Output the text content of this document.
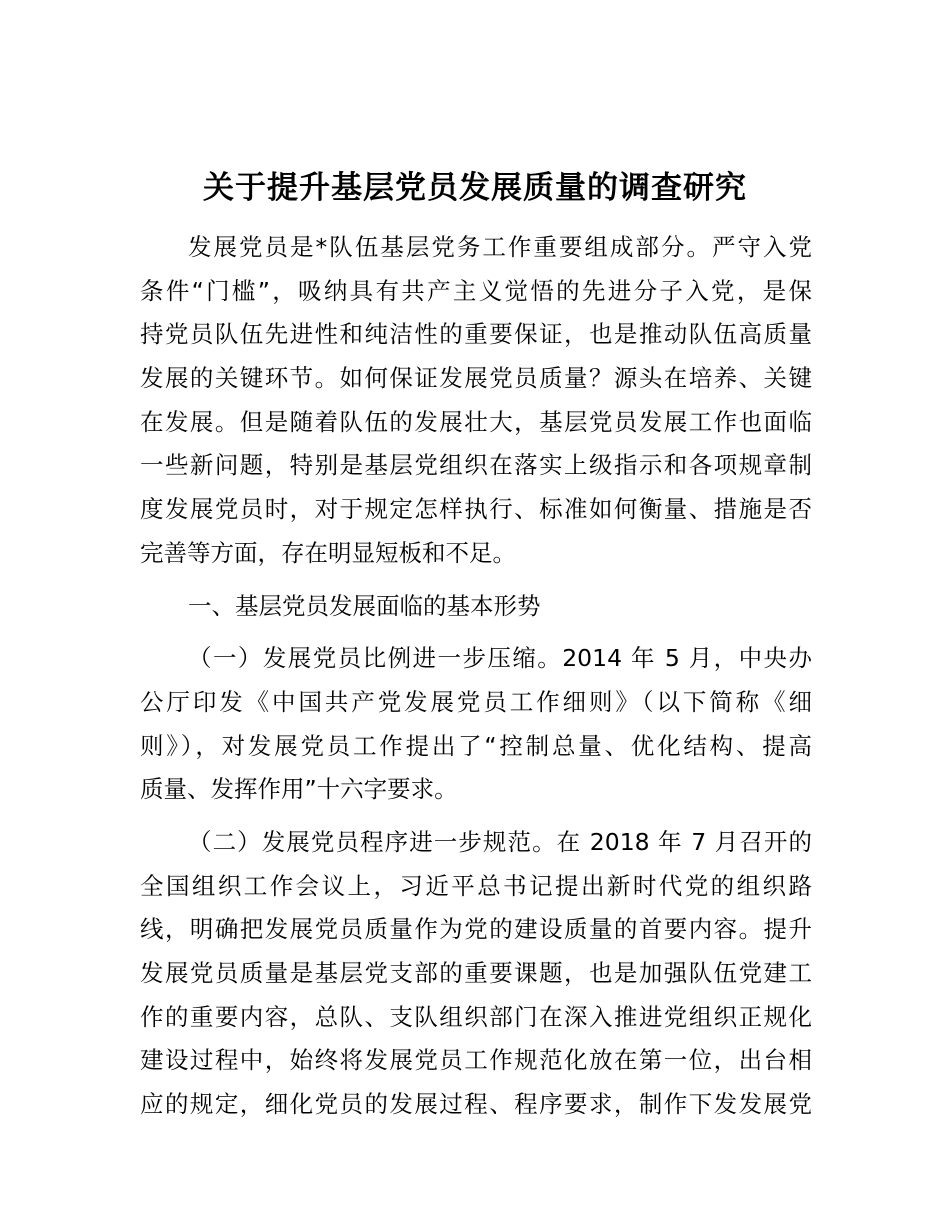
关于提升基层党员发展质量的调查研究
发展党员是*队伍基层党务工作重要组成部分。严守入党
条件“门槛”，吸纳具有共产主义觉悟的先进分子入党，是保
持党员队伍先进性和纯洁性的重要保证，也是推动队伍高质量
发展的关键环节。如何保证发展党员质量？源头在培养、关键
在发展。但是随着队伍的发展壮大，基层党员发展工作也面临
一些新问题，特别是基层党组织在落实上级指示和各项规章制
度发展党员时，对于规定怎样执行、标准如何衡量、措施是否
完善等方面，存在明显短板和不足。
一、基层党员发展面临的基本形势
（一）发展党员比例进一步压缩。2014 年 5 月，中央办
公厅印发《中国共产党发展党员工作细则》（以下简称《细
则》），对发展党员工作提出了“控制总量、优化结构、提高
质量、发挥作用”十六字要求。
（二）发展党员程序进一步规范。在 2018 年 7 月召开的
全国组织工作会议上，习近平总书记提出新时代党的组织路
线，明确把发展党员质量作为党的建设质量的首要内容。提升
发展党员质量是基层党支部的重要课题，也是加强队伍党建工
作的重要内容，总队、支队组织部门在深入推进党组织正规化
建设过程中，始终将发展党员工作规范化放在第一位，出台相
应的规定，细化党员的发展过程、程序要求，制作下发发展党
